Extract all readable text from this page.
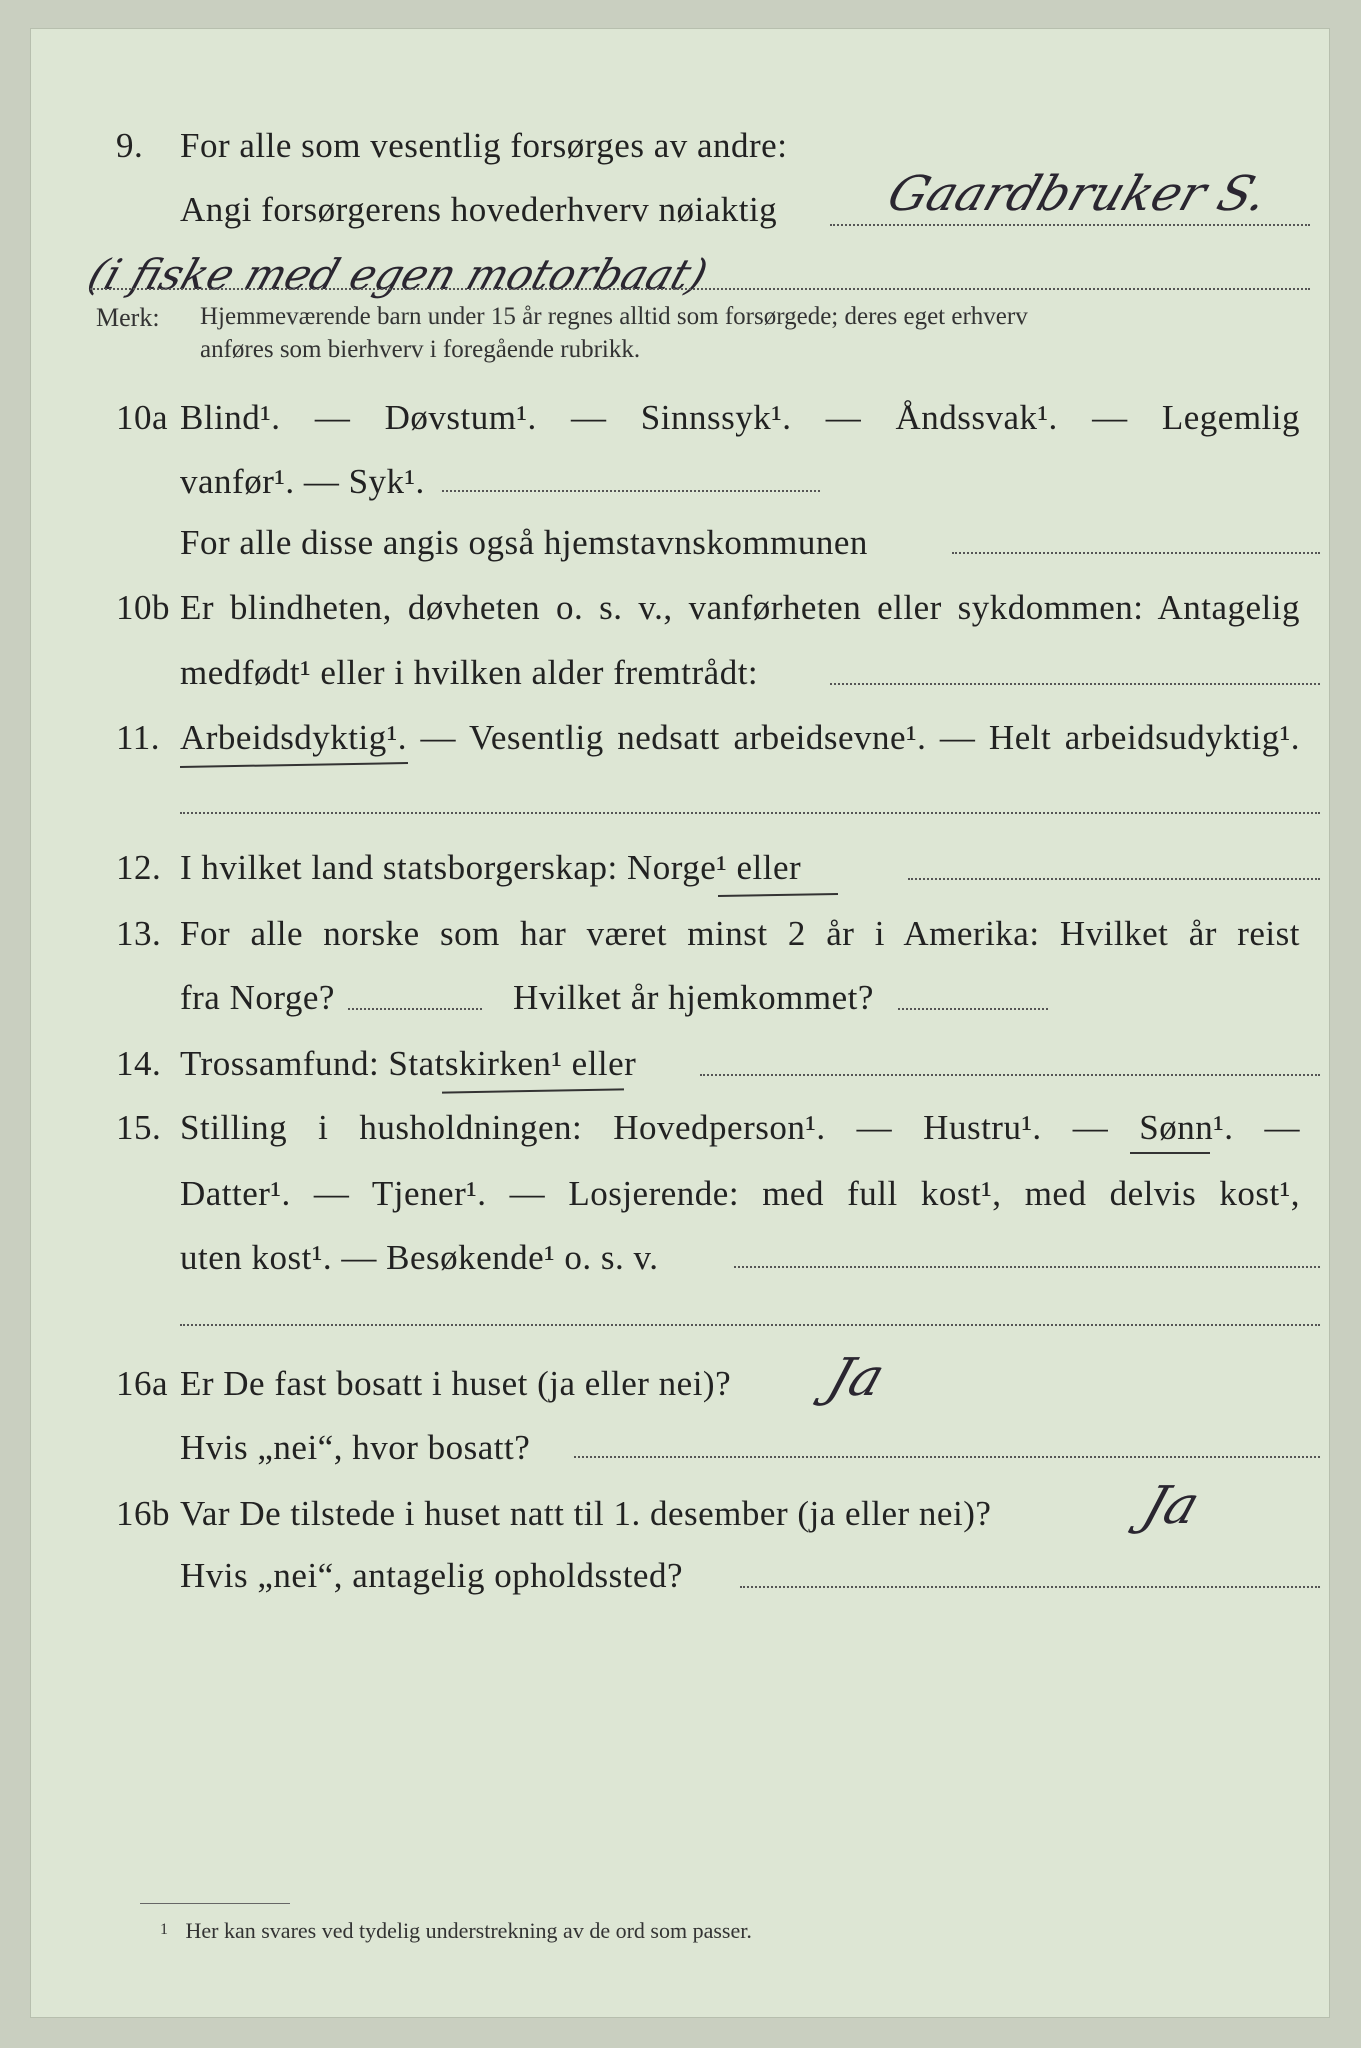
9. For alle som vesentlig forsørges av andre:
Angi forsørgerens hovederhverv nøiaktig Gaardbruker S.
(i fiske med egen motorbaat)
Merk: Hjemmeværende barn under 15 år regnes alltid som forsørgede; deres eget erhverv
anføres som bierhverv i foregående rubrikk.
10a Blind¹. — Døvstum¹. — Sinnssyk¹. — Åndssvak¹. — Legemlig
vanfør¹. — Syk¹.
For alle disse angis også hjemstavnskommunen
10b Er blindheten, døvheten o. s. v., vanførheten eller sykdommen: Antagelig
medfødt¹ eller i hvilken alder fremtrådt:
11. Arbeidsdyktig¹. — Vesentlig nedsatt arbeidsevne¹. — Helt arbeidsudyktig¹.
12. I hvilket land statsborgerskap: Norge¹ eller
13. For alle norske som har været minst 2 år i Amerika: Hvilket år reist
fra Norge?	Hvilket år hjemkommet?
14. Trossamfund: Statskirken¹ eller
15. Stilling i husholdningen: Hovedperson¹. — Hustru¹. — Sønn¹. —
Datter¹. — Tjener¹. — Losjerende: med full kost¹, med delvis kost¹,
uten kost¹. — Besøkende¹ o. s. v.
16a Er De fast bosatt i huset (ja eller nei)? Ja
Hvis „nei“, hvor bosatt?
16b Var De tilstede i huset natt til 1. desember (ja eller nei)?	Ja
Hvis „nei“, antagelig opholdssted?
1 Her kan svares ved tydelig understrekning av de ord som passer.
